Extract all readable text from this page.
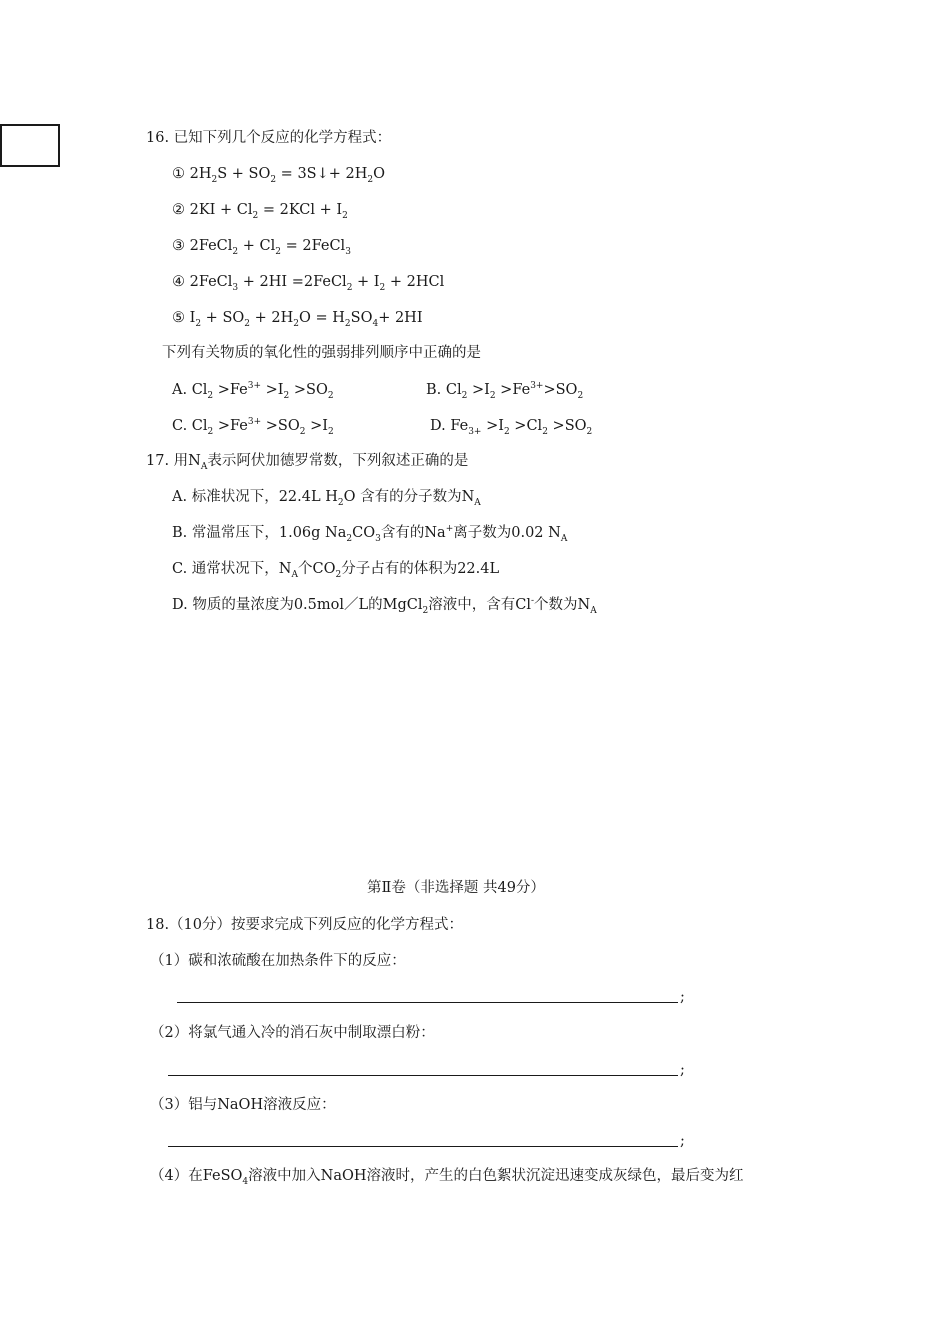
16. 已知下列几个反应的化学方程式：
① $2H_2S + SO_2$ = 3S↓+ $2H_2O$
② $2KI + Cl_2 = 2KCl + I_2$
③ 2FeCl$_2$ + $Cl_2$ = 2FeCl$_3$
④ 2FeCl$_3$ + 2HI =2FeCl$_2$ + $I_2 + 2HCl$
⑤ $I_2 + SO_2 + 2H_2O = H_2SO_4+ 2HI$
下列有关物质的氧化性的强弱排列顺序中正确的是
A. $Cl_2 >Fe^{3+} >I_2 >SO_2$	B. $Cl_2 >I_2 >Fe^{3+}>SO_2$
C. $Cl_2 >Fe^{3+} >SO_2 >I_2$	D. $Fe_{3+} >I_2 >Cl_2 >SO_2$
17. 用$N_A$表示阿伏加德罗常数，下列叙述正确的是
A. 标准状况下，22.4L $H_2O$ 含有的分子数为$N_A$
B. 常温常压下，1.06g $Na_2CO_3$含有的Na+离子数为0.02 $N_A$
C. 通常状况下，$N_A$个$CO_2$分子占有的体积为22.4L
D. 物质的量浓度为0.5mol／L的MgCl$_2$溶液中，含有Cl-个数为$N_A$
第Ⅱ卷（非选择题 共49分）
18.（10分）按要求完成下列反应的化学方程式：
（1）碳和浓硫酸在加热条件下的反应：
;
（2）将氯气通入冷的消石灰中制取漂白粉：
;
（3）铝与NaOH溶液反应：
;
（4）在FeSO$_4$溶液中加入NaOH溶液时，产生的白色絮状沉淀迅速变成灰绿色，最后变为红
